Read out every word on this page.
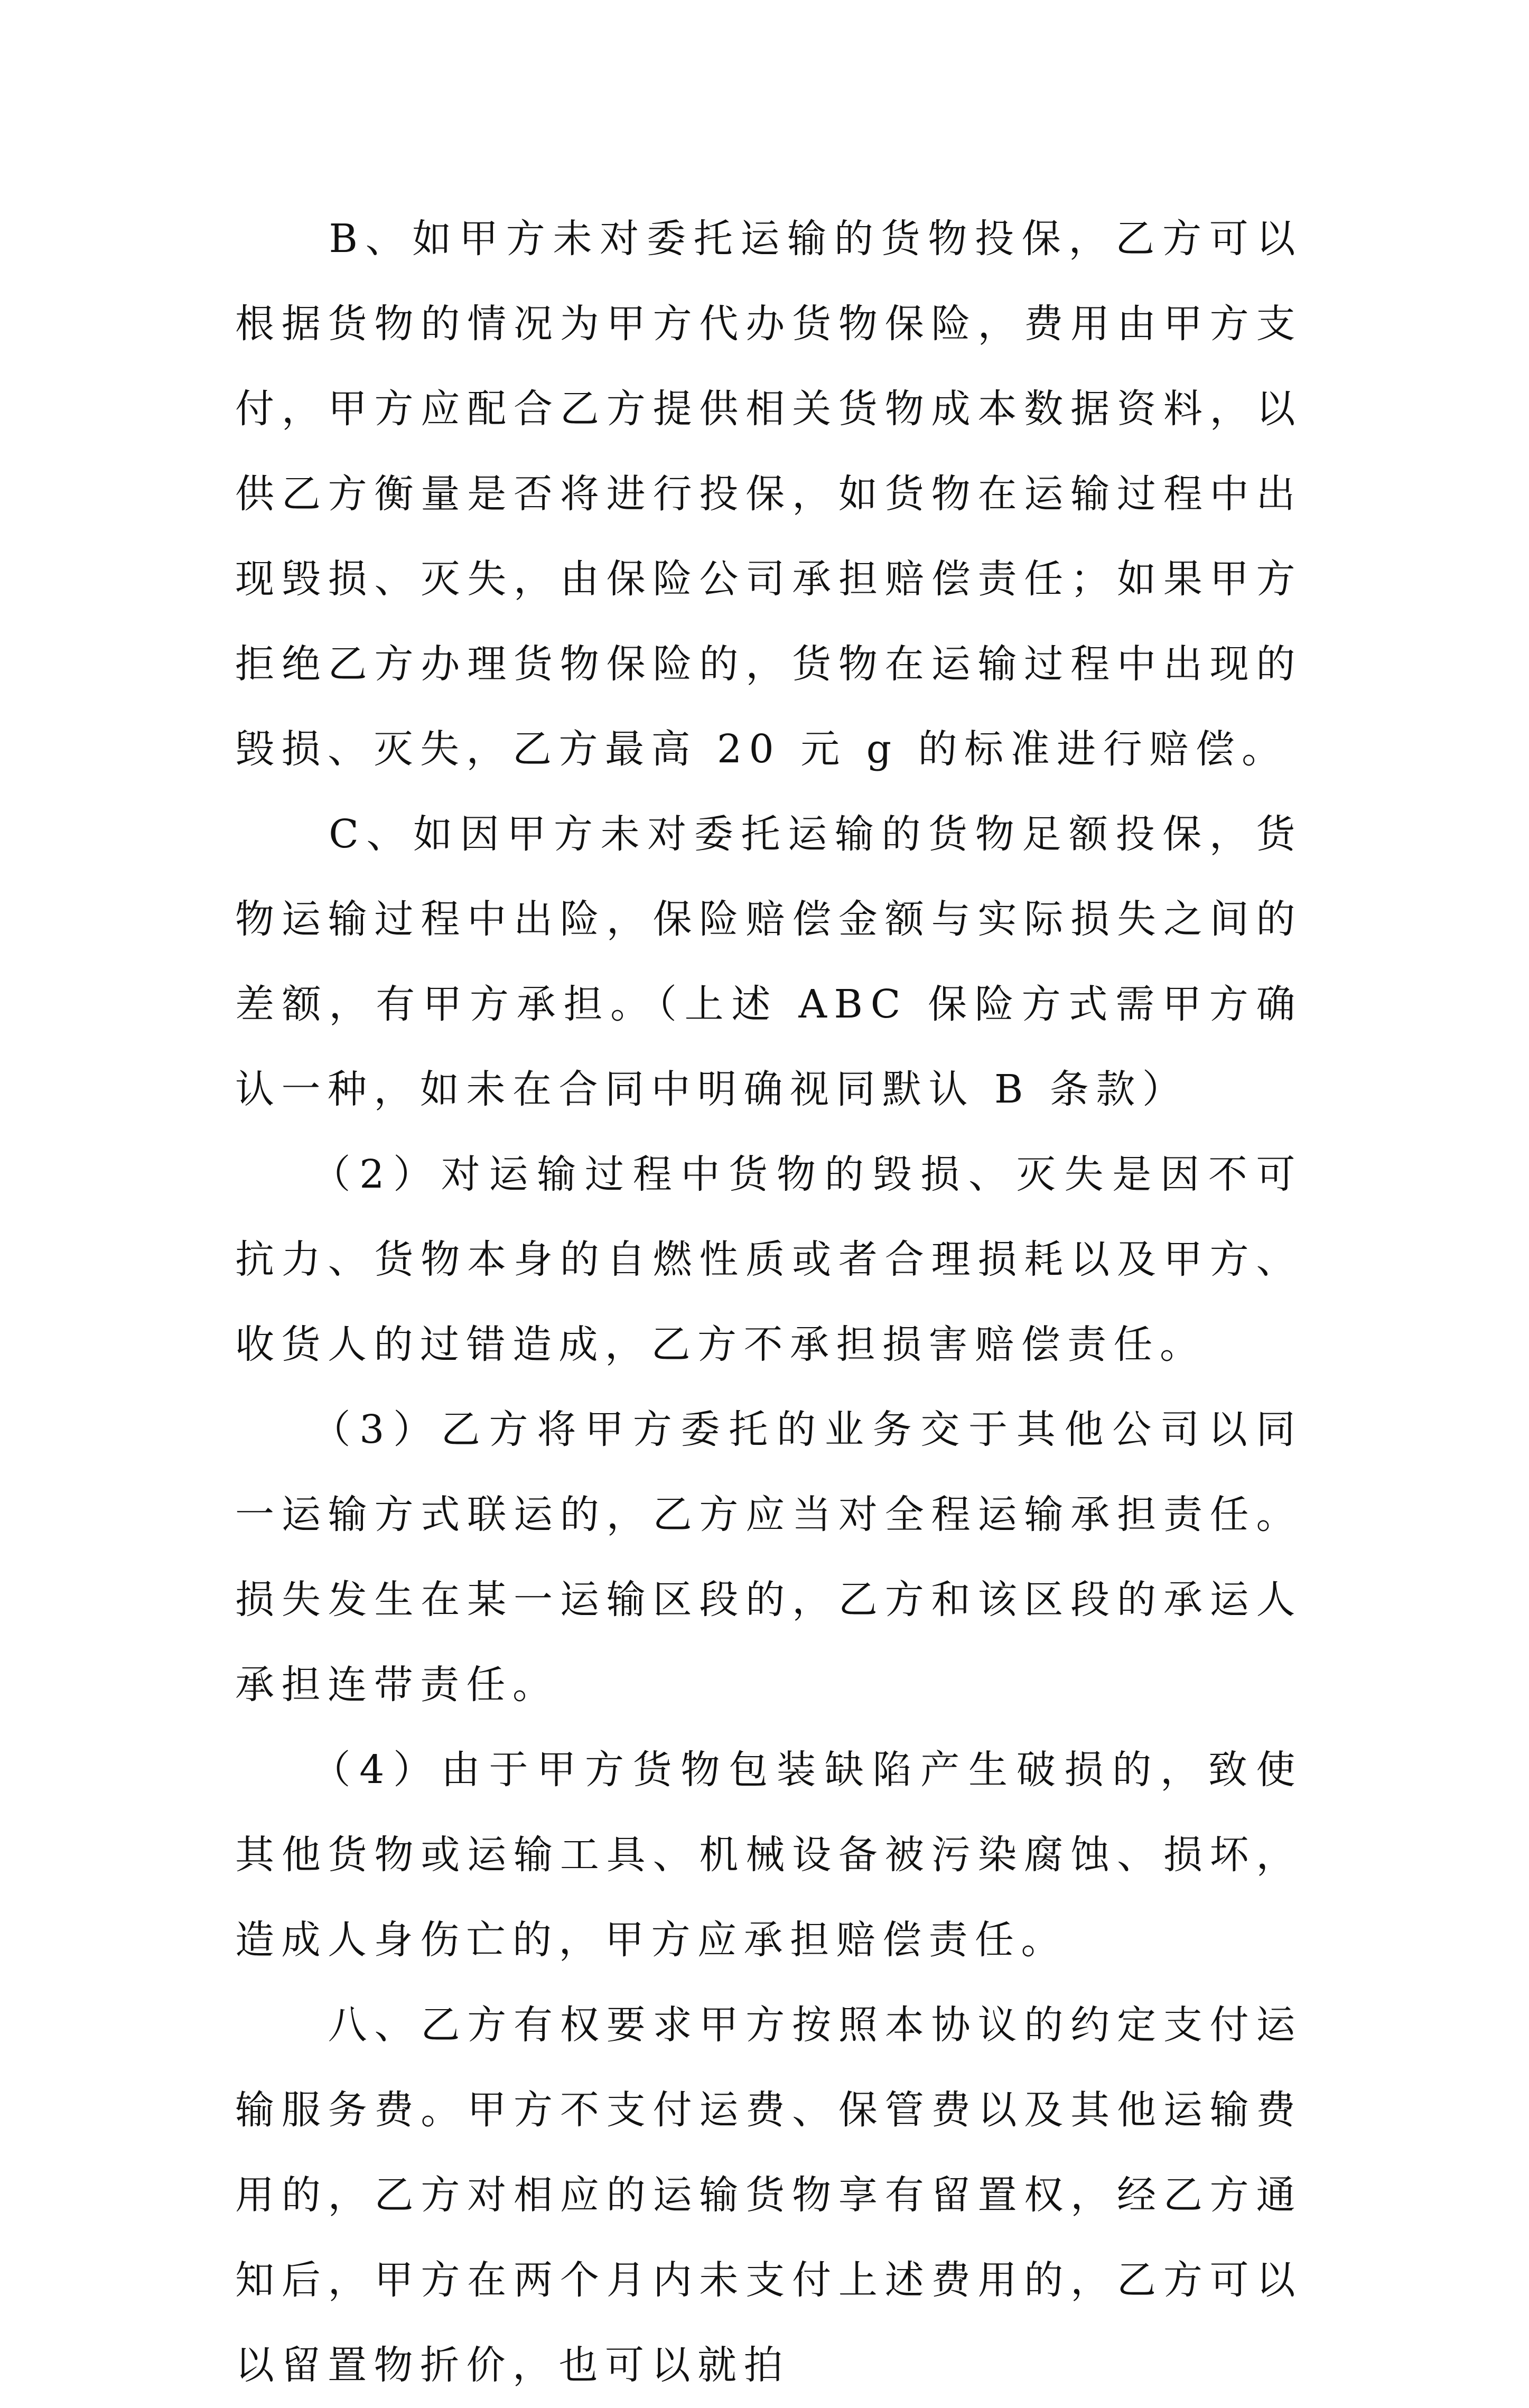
　　B、如甲方未对委托运输的货物投保，乙方可以根据货物的情况为甲方代办货物保险，费用由甲方支付，甲方应配合乙方提供相关货物成本数据资料，以供乙方衡量是否将进行投保，如货物在运输过程中出现毁损、灭失，由保险公司承担赔偿责任；如果甲方拒绝乙方办理货物保险的，货物在运输过程中出现的毁损、灭失，乙方最高 20 元 g 的标准进行赔偿。

　　C、如因甲方未对委托运输的货物足额投保，货物运输过程中出险，保险赔偿金额与实际损失之间的差额，有甲方承担。（上述 ABC 保险方式需甲方确认一种，如未在合同中明确视同默认 B 条款）

　　（2）对运输过程中货物的毁损、灭失是因不可抗力、货物本身的自燃性质或者合理损耗以及甲方、收货人的过错造成，乙方不承担损害赔偿责任。

　　（3）乙方将甲方委托的业务交于其他公司以同一运输方式联运的，乙方应当对全程运输承担责任。损失发生在某一运输区段的，乙方和该区段的承运人承担连带责任。

　　（4）由于甲方货物包装缺陷产生破损的，致使其他货物或运输工具、机械设备被污染腐蚀、损坏，造成人身伤亡的，甲方应承担赔偿责任。

　　八、乙方有权要求甲方按照本协议的约定支付运输服务费。甲方不支付运费、保管费以及其他运输费用的，乙方对相应的运输货物享有留置权，经乙方通知后，甲方在两个月内未支付上述费用的，乙方可以以留置物折价，也可以就拍
